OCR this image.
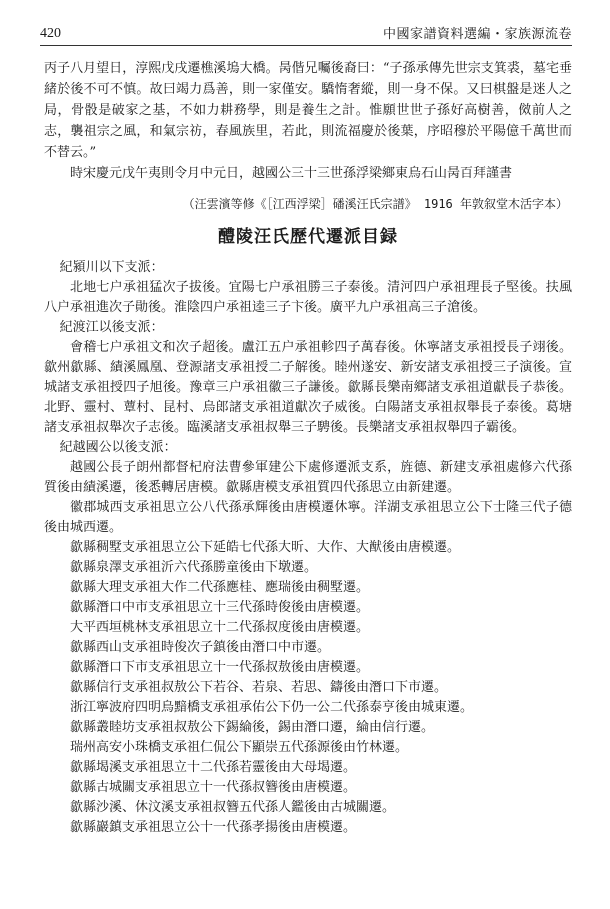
420	中國家譜資料選編・家族源流卷

丙子八月望日，淳熙戊戌遷樵溪塢大橋。昺偕兄囑後裔曰：“子孫承傳先世宗支箕裘，墓宅垂緒於後不可不慎。故曰竭力爲善，則一家僅安。驕惰奢縱，則一身不保。又曰棋盤是迷人之局，骨骰是破家之基，不如力耕務學，則是養生之計。惟願世世子孫好高樹善，傚前人之志，襲祖宗之風，和氣宗祊，春風族里，若此，則流福慶於後葉，序昭穆於平陽億千萬世而不替云。”

時宋慶元戊午夷則令月中元日，越國公三十三世孫浮梁鄉東烏石山昺百拜謹書

（汪雲濱等修《［江西浮梁］磻溪汪氏宗譜》 1916 年敦叙堂木活字本）

醴陵汪氏歷代遷派目録

紀潁川以下支派：

北地七户承祖猛次子拔後。宜陽七户承祖勝三子泰後。清河四户承祖理長子堅後。扶風八户承祖進次子勛後。淮陰四户承祖逵三子卞後。廣平九户承祖高三子滄後。

紀渡江以後支派：

會稽七户承祖文和次子超後。盧江五户承祖軫四子萬春後。休寧諸支承祖授長子翊後。歙州歙縣、績溪鳳凰、登源諸支承祖授二子解後。睦州遂安、新安諸支承祖授三子演後。宣城諸支承祖授四子旭後。豫章三户承祖徽三子謙後。歙縣長樂南鄉諸支承祖道獻長子恭後。北野、靈村、蕈村、昆村、烏郎諸支承祖道獻次子威後。白陽諸支承祖叔舉長子泰後。葛塘諸支承祖叔舉次子志後。臨溪諸支承祖叔舉三子騁後。長樂諸支承祖叔舉四子霸後。

紀越國公以後支派：

越國公長子朗州都督杞府法曹參軍建公下處修遷派支系，旌德、新建支承祖處修六代孫質後由績溪遷，後悉轉居唐模。歙縣唐模支承祖質四代孫思立由新建遷。

徽郡城西支承祖思立公八代孫承輝後由唐模遷休寧。洋湖支承祖思立公下士隆三代子德後由城西遷。

歙縣稠墅支承祖思立公下延皓七代孫大昕、大作、大猷後由唐模遷。

歙縣泉澤支承祖沂六代孫勝童後由下墩遷。

歙縣大理支承祖大作二代孫應桂、應瑞後由稠墅遷。

歙縣潛口中市支承祖思立十三代孫時俊後由唐模遷。

大平西垣桃林支承祖思立十二代孫叔度後由唐模遷。

歙縣西山支承祖時俊次子鎮後由潛口中市遷。

歙縣潛口下市支承祖思立十一代孫叔敖後由唐模遷。

歙縣信行支承祖叔敖公下若谷、若泉、若思、鑄後由潛口下市遷。

浙江寧波府四明烏黯橋支承祖承佑公下仍一公二代孫泰亨後由城東遷。

歙縣叢睦坊支承祖叔敖公下錫綸後，錫由潛口遷，綸由信行遷。

瑞州高安小珠橋支承祖仁侃公下顯崇五代孫源後由竹林遷。

歙縣堨溪支承祖思立十二代孫若靈後由大母堨遷。

歙縣古城關支承祖思立十一代孫叔簪後由唐模遷。

歙縣沙溪、休汶溪支承祖叔簪五代孫人鑑後由古城關遷。

歙縣巖鎮支承祖思立公十一代孫孝揚後由唐模遷。
